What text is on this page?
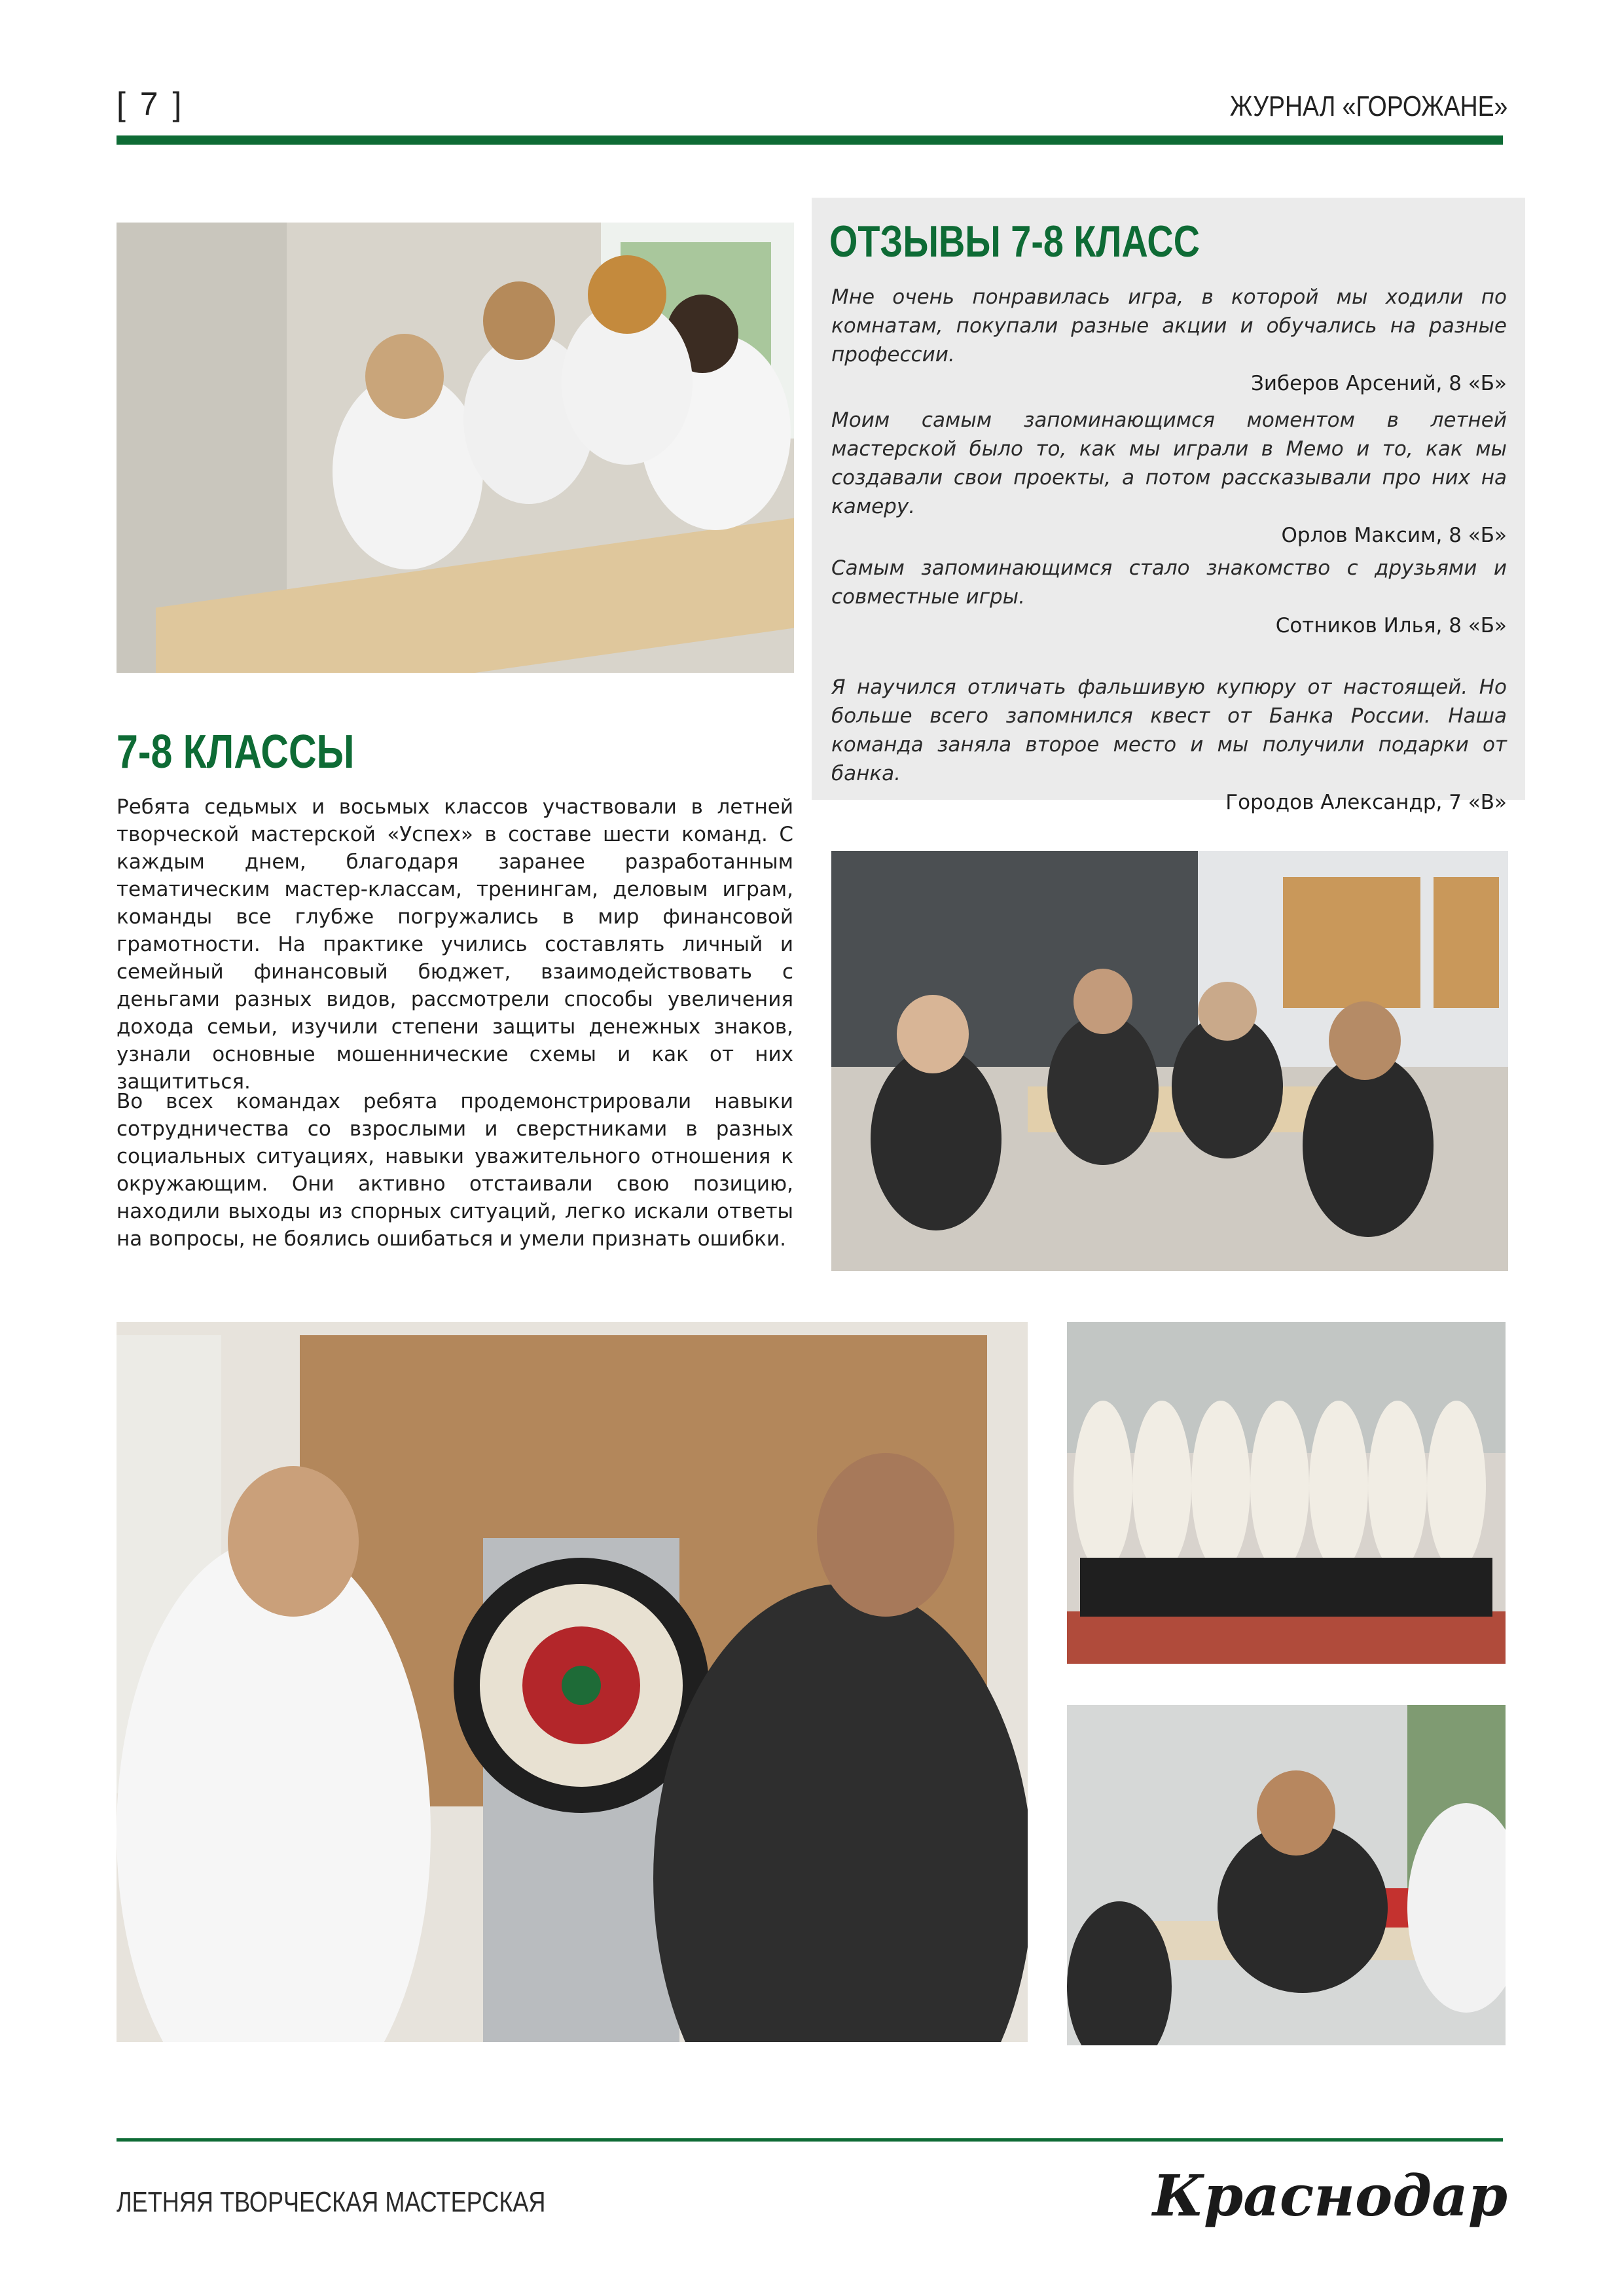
[ 7 ]	ЖУРНАЛ «ГОРОЖАНЕ»
ОТЗЫВЫ 7-8 КЛАСС

Мне очень понравилась игра, в которой мы ходили по комнатам, покупали разные акции и обучались на разные профессии.

Зиберов Арсений, 8 «Б»

Моим самым запоминающимся моментом в летней мастерской было то, как мы играли в Мемо и то, как мы создавали свои проекты, а потом рассказывали про них на камеру.

Орлов Максим, 8 «Б»

Самым запоминающимся стало знакомство с друзьями и совместные игры.

Сотников Илья, 8 «Б»

Я научился отличать фальшивую купюру от настоящей. Но больше всего запомнился квест от Банка России. Наша команда заняла второе место и мы получили подарки от банка.

Городов Александр, 7 «В»

7-8 КЛАССЫ

Ребята седьмых и восьмых классов участвовали в летней творческой мастерской «Успех» в составе шести команд. С каждым днем, благодаря заранее разработанным тематическим мастер-классам, тренингам, деловым играм, команды все глубже погружались в мир финансовой грамотности. На практике учились составлять личный и семейный финансовый бюджет, взаимодействовать с деньгами разных видов, рассмотрели способы увеличения дохода семьи, изучили степени защиты денежных знаков, узнали основные мошеннические схемы и как от них защититься.

Во всех командах ребята продемонстрировали навыки сотрудничества со взрослыми и сверстниками в разных социальных ситуациях, навыки уважительного отношения к окружающим. Они активно отстаивали свою позицию, находили выходы из спорных ситуаций, легко искали ответы на вопросы, не боялись ошибаться и умели признать ошибки.

ЛЕТНЯЯ ТВОРЧЕСКАЯ МАСТЕРСКАЯ	Краснодар
